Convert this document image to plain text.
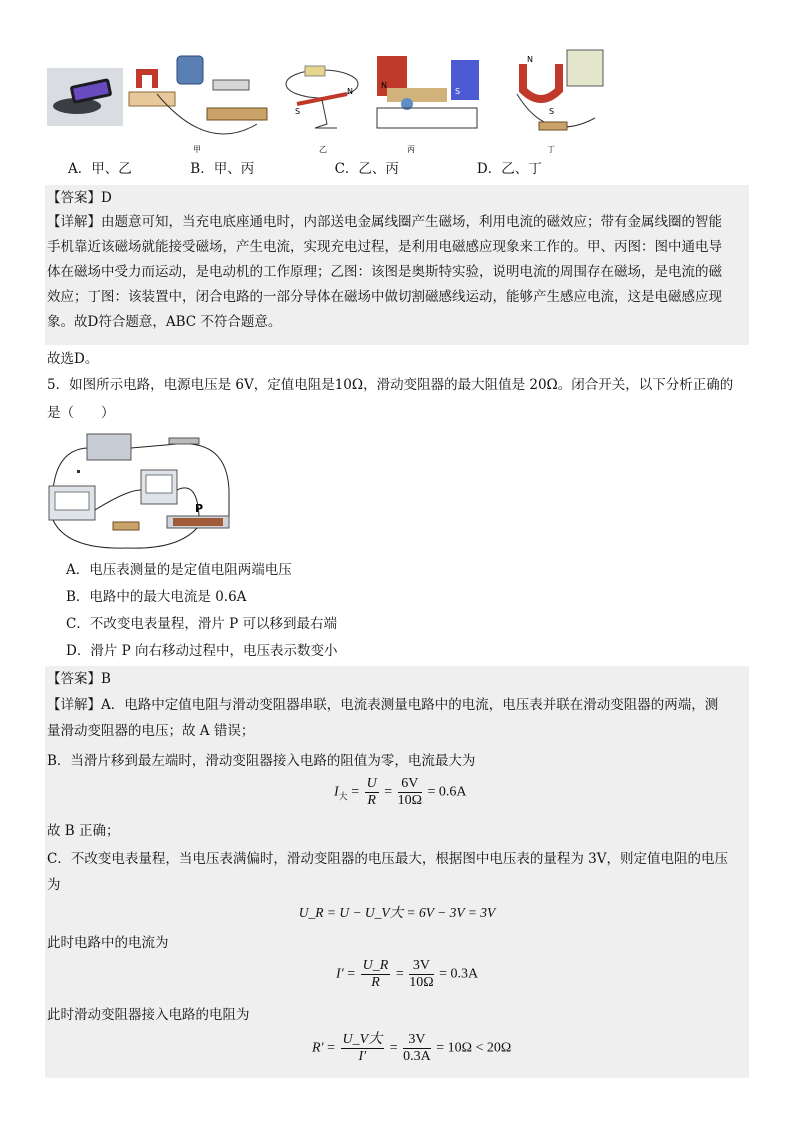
甲
S
N
乙
N
S
丙
N
S
丁
A．甲、乙	B．甲、丙	C．乙、丙	D．乙、丁
【答案】D
【详解】由题意可知，当充电底座通电时，内部送电金属线圈产生磁场，利用电流的磁效应；带有金属线圈的智能
手机靠近该磁场就能接受磁场，产生电流，实现充电过程，是利用电磁感应现象来工作的。甲、丙图：图中通电导
体在磁场中受力而运动，是电动机的工作原理；乙图：该图是奥斯特实验，说明电流的周围存在磁场，是电流的磁
效应；丁图：该装置中，闭合电路的一部分导体在磁场中做切割磁感线运动，能够产生感应电流，这是电磁感应现
象。故D符合题意，ABC 不符合题意。
故选D。
5．如图所示电路，电源电压是 6V，定值电阻是10Ω，滑动变阻器的最大阻值是 20Ω。闭合开关，以下分析正确的
是（　　）
P
A．电压表测量的是定值电阻两端电压
B．电路中的最大电流是 0.6A
C．不改变电表量程，滑片 P 可以移到最右端
D．滑片 P 向右移动过程中，电压表示数变小
【答案】B
【详解】A．电路中定值电阻与滑动变阻器串联，电流表测量电路中的电流，电压表并联在滑动变阻器的两端，测
量滑动变阻器的电压；故 A 错误；
B．当滑片移到最左端时，滑动变阻器接入电路的阻值为零，电流最大为
$I_大 = \frac{U}{R} = \frac{6V}{10\Omega} = 0.6A$
故 B 正确；
C．不改变电表量程，当电压表满偏时，滑动变阻器的电压最大，根据图中电压表的量程为 3V，则定值电阻的电压
为
U_R = U − U_V大 = 6V − 3V = 3V
此时电路中的电流为
$I' = \frac{U\_R}{R} = \frac{3V}{10\Omega} = 0.3A$
此时滑动变阻器接入电路的电阻为
$R' = \frac{\text{U\_V大}}{I'} = \frac{3V}{0.3A} = 10\Omega < 20\Omega$
